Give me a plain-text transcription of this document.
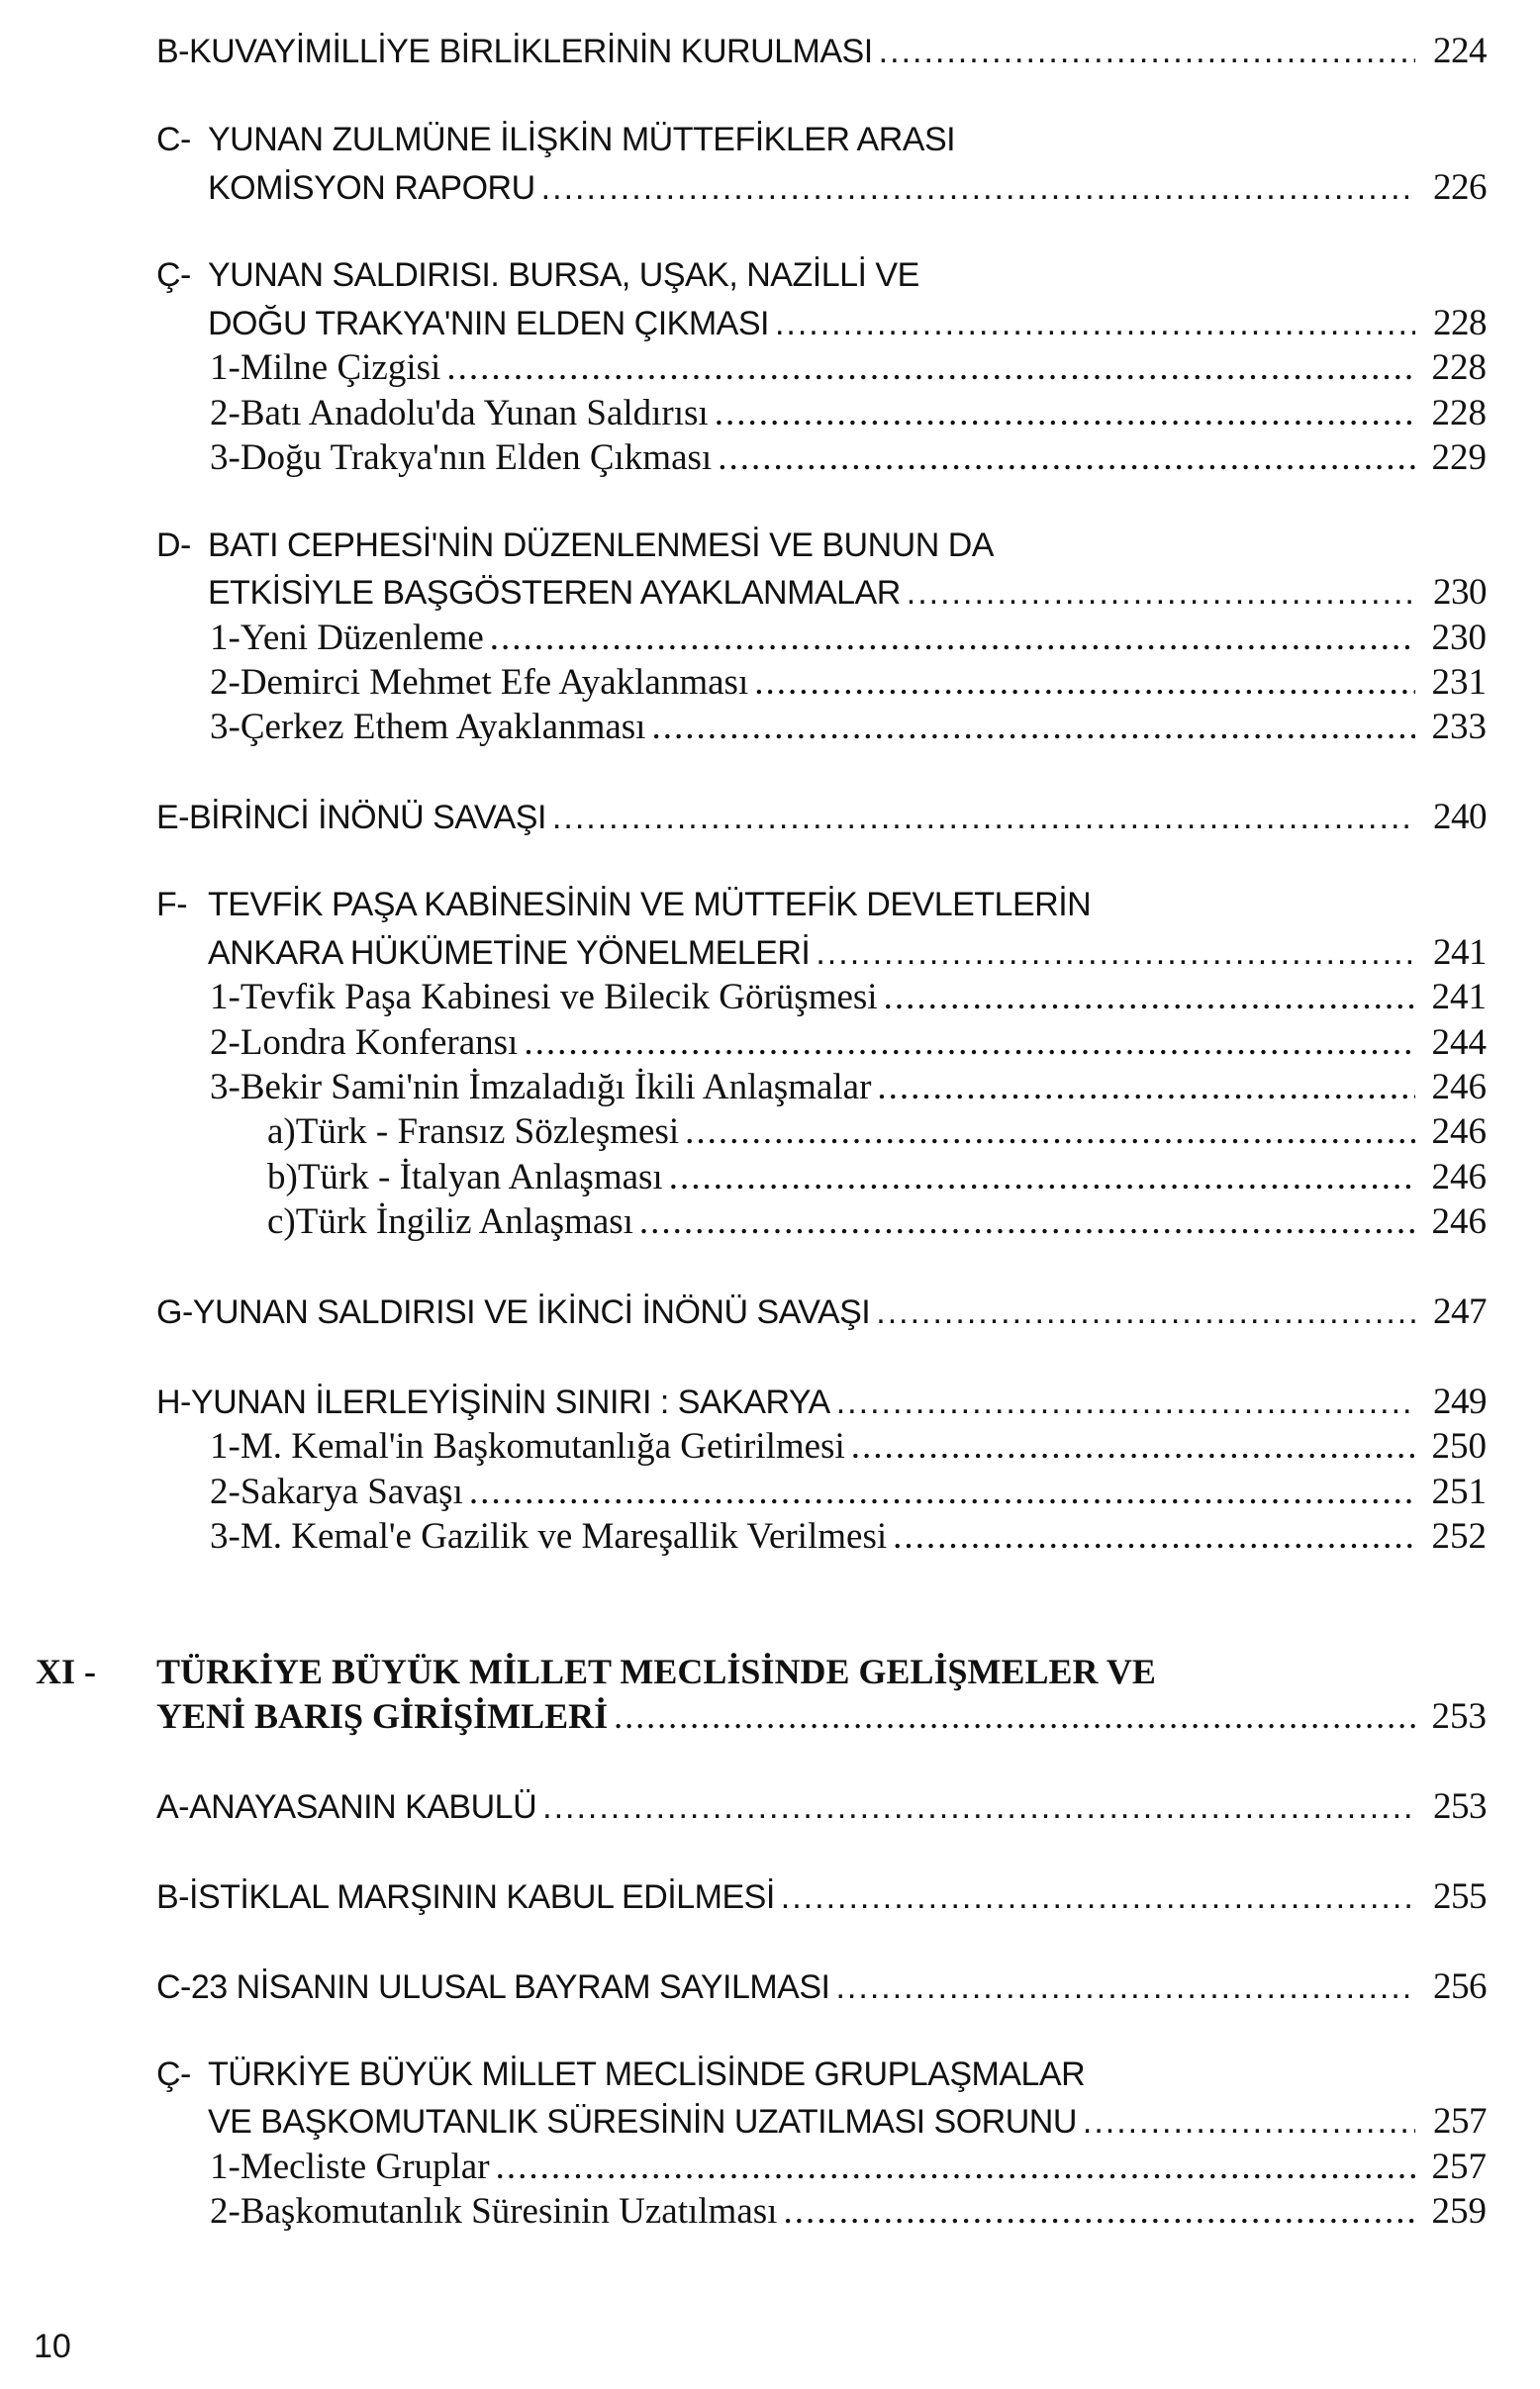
B- KUVAYİMİLLİYE BİRLİKLERİNİN KURULMASI .....	224
C- YUNAN ZULMÜNE İLİŞKİN MÜTTEFİKLER ARASI
KOMİSYON RAPORU .....	226
Ç- YUNAN SALDIRISI. BURSA, UŞAK, NAZİLLİ VE
DOĞU TRAKYA'NIN ELDEN ÇIKMASI .....	228
1- Milne Çizgisi .....	228
2- Batı Anadolu'da Yunan Saldırısı .....	228
3- Doğu Trakya'nın Elden Çıkması .....	229
D- BATI CEPHESİ'NİN DÜZENLENMESİ VE BUNUN DA
ETKİSİYLE BAŞGÖSTEREN AYAKLANMALAR .....	230
1- Yeni Düzenleme .....	230
2- Demirci Mehmet Efe Ayaklanması .....	231
3- Çerkez Ethem Ayaklanması .....	233
E- BİRİNCİ İNÖNÜ SAVAŞI .....	240
F- TEVFİK PAŞA KABİNESİNİN VE MÜTTEFİK DEVLETLERİN
ANKARA HÜKÜMETİNE YÖNELMELERİ .....	241
1- Tevfik Paşa Kabinesi ve Bilecik Görüşmesi .....	241
2- Londra Konferansı .....	244
3- Bekir Sami'nin İmzaladığı İkili Anlaşmalar .....	246
a) Türk - Fransız Sözleşmesi .....	246
b) Türk - İtalyan Anlaşması .....	246
c) Türk İngiliz Anlaşması .....	246
G- YUNAN SALDIRISI VE İKİNCİ İNÖNÜ SAVAŞI .....	247
H- YUNAN İLERLEYİŞİNİN SINIRI : SAKARYA .....	249
1- M. Kemal'in Başkomutanlığa Getirilmesi .....	250
2- Sakarya Savaşı .....	251
3- M. Kemal'e Gazilik ve Mareşallik Verilmesi .....	252
XI -	TÜRKİYE BÜYÜK MİLLET MECLİSİNDE GELİŞMELER VE
YENİ BARIŞ GİRİŞİMLERİ .....	253
A- ANAYASANIN KABULÜ .....	253
B- İSTİKLAL MARŞININ KABUL EDİLMESİ .....	255
C- 23 NİSANIN ULUSAL BAYRAM SAYILMASI .....	256
Ç- TÜRKİYE BÜYÜK MİLLET MECLİSİNDE GRUPLAŞMALAR
VE BAŞKOMUTANLIK SÜRESİNİN UZATILMASI SORUNU .....	257
1- Mecliste Gruplar .....	257
2- Başkomutanlık Süresinin Uzatılması .....	259
10
